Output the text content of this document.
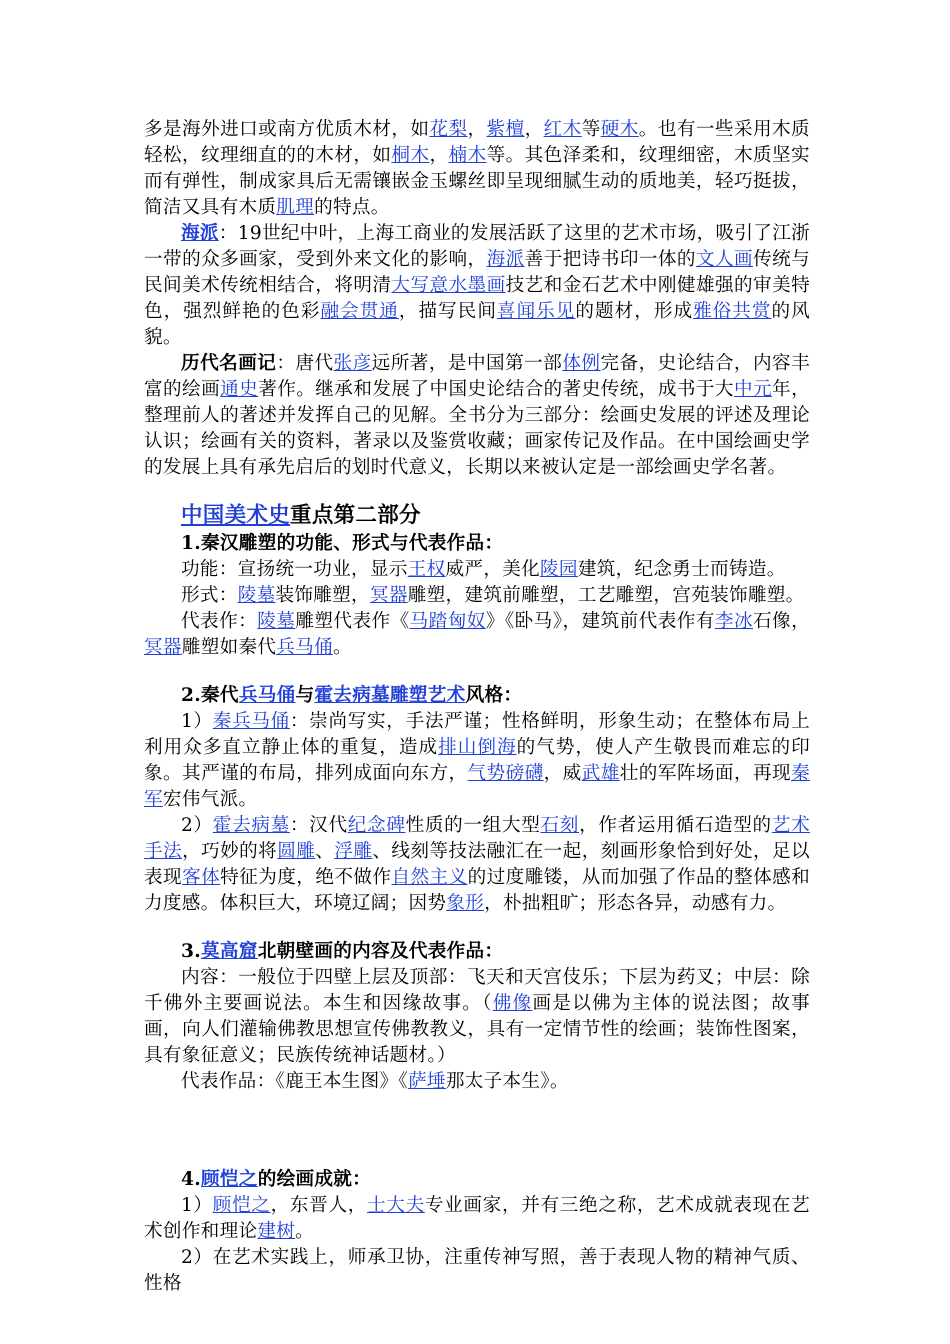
多是海外进口或南方优质木材，如花梨，紫檀，红木等硬木。也有一些采用木质轻松，纹理细直的的木材，如桐木，楠木等。其色泽柔和，纹理细密，木质坚实而有弹性，制成家具后无需镶嵌金玉螺丝即呈现细腻生动的质地美，轻巧挺拔，简洁又具有木质肌理的特点。

海派：19世纪中叶，上海工商业的发展活跃了这里的艺术市场，吸引了江浙一带的众多画家，受到外来文化的影响，海派善于把诗书印一体的文人画传统与民间美术传统相结合，将明清大写意水墨画技艺和金石艺术中刚健雄强的审美特色，强烈鲜艳的色彩融会贯通，描写民间喜闻乐见的题材，形成雅俗共赏的风貌。

历代名画记：唐代张彦远所著，是中国第一部体例完备，史论结合，内容丰富的绘画通史著作。继承和发展了中国史论结合的著史传统，成书于大中元年，整理前人的著述并发挥自己的见解。全书分为三部分：绘画史发展的评述及理论认识；绘画有关的资料，著录以及鉴赏收藏；画家传记及作品。在中国绘画史学的发展上具有承先启后的划时代意义，长期以来被认定是一部绘画史学名著。

中国美术史重点第二部分

1.秦汉雕塑的功能、形式与代表作品：

功能：宣扬统一功业，显示王权威严，美化陵园建筑，纪念勇士而铸造。

形式：陵墓装饰雕塑，冥器雕塑，建筑前雕塑，工艺雕塑，宫苑装饰雕塑。

代表作：陵墓雕塑代表作《马踏匈奴》《卧马》，建筑前代表作有李冰石像，冥器雕塑如秦代兵马俑。

2.秦代兵马俑与霍去病墓雕塑艺术风格：

1）秦兵马俑：崇尚写实，手法严谨；性格鲜明，形象生动；在整体布局上利用众多直立静止体的重复，造成排山倒海的气势，使人产生敬畏而难忘的印象。其严谨的布局，排列成面向东方，气势磅礴，威武雄壮的军阵场面，再现秦军宏伟气派。

2）霍去病墓：汉代纪念碑性质的一组大型石刻，作者运用循石造型的艺术手法，巧妙的将圆雕、浮雕、线刻等技法融汇在一起，刻画形象恰到好处，足以表现客体特征为度，绝不做作自然主义的过度雕镂，从而加强了作品的整体感和力度感。体积巨大，环境辽阔；因势象形，朴拙粗旷；形态各异，动感有力。

3.莫高窟北朝壁画的内容及代表作品：

内容：一般位于四壁上层及顶部：飞天和天宫伎乐；下层为药叉；中层：除千佛外主要画说法。本生和因缘故事。（佛像画是以佛为主体的说法图；故事画，向人们灌输佛教思想宣传佛教教义，具有一定情节性的绘画；装饰性图案，具有象征意义；民族传统神话题材。）

代表作品：《鹿王本生图》《萨埵那太子本生》。

4.顾恺之的绘画成就：

1）顾恺之，东晋人，士大夫专业画家，并有三绝之称，艺术成就表现在艺术创作和理论建树。

2）在艺术实践上，师承卫协，注重传神写照，善于表现人物的精神气质、性格
